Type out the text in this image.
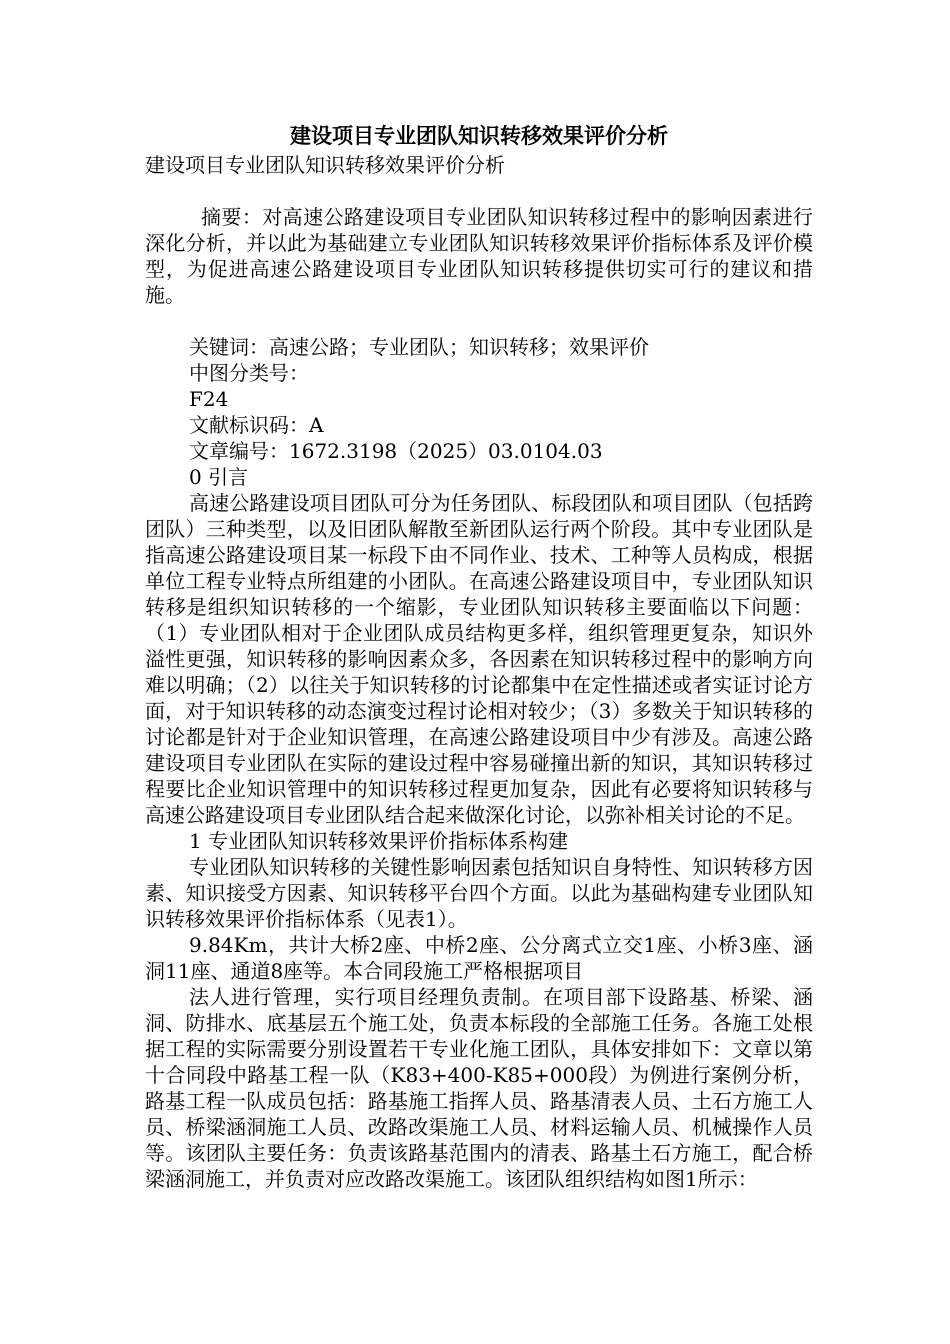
建设项目专业团队知识转移效果评价分析

建设项目专业团队知识转移效果评价分析

摘要：对高速公路建设项目专业团队知识转移过程中的影响因素进行深化分析，并以此为基础建立专业团队知识转移效果评价指标体系及评价模型，为促进高速公路建设项目专业团队知识转移提供切实可行的建议和措施。

关键词：高速公路；专业团队；知识转移；效果评价

中图分类号：

F24

文献标识码：A

文章编号：1672.3198（2025）03.0104.03

0 引言

高速公路建设项目团队可分为任务团队、标段团队和项目团队（包括跨团队）三种类型，以及旧团队解散至新团队运行两个阶段。其中专业团队是指高速公路建设项目某一标段下由不同作业、技术、工种等人员构成，根据单位工程专业特点所组建的小团队。在高速公路建设项目中，专业团队知识转移是组织知识转移的一个缩影，专业团队知识转移主要面临以下问题：（1）专业团队相对于企业团队成员结构更多样，组织管理更复杂，知识外溢性更强，知识转移的影响因素众多，各因素在知识转移过程中的影响方向难以明确；（2）以往关于知识转移的讨论都集中在定性描述或者实证讨论方面，对于知识转移的动态演变过程讨论相对较少；（3）多数关于知识转移的讨论都是针对于企业知识管理，在高速公路建设项目中少有涉及。高速公路建设项目专业团队在实际的建设过程中容易碰撞出新的知识，其知识转移过程要比企业知识管理中的知识转移过程更加复杂，因此有必要将知识转移与高速公路建设项目专业团队结合起来做深化讨论，以弥补相关讨论的不足。

1 专业团队知识转移效果评价指标体系构建

专业团队知识转移的关键性影响因素包括知识自身特性、知识转移方因素、知识接受方因素、知识转移平台四个方面。以此为基础构建专业团队知识转移效果评价指标体系（见表1）。

9.84Km，共计大桥2座、中桥2座、公分离式立交1座、小桥3座、涵洞11座、通道8座等。本合同段施工严格根据项目

法人进行管理，实行项目经理负责制。在项目部下设路基、桥梁、涵洞、防排水、底基层五个施工处，负责本标段的全部施工任务。各施工处根据工程的实际需要分别设置若干专业化施工团队，具体安排如下：文章以第十合同段中路基工程一队（K83+400-K85+000段）为例进行案例分析，路基工程一队成员包括：路基施工指挥人员、路基清表人员、土石方施工人员、桥梁涵洞施工人员、改路改渠施工人员、材料运输人员、机械操作人员等。该团队主要任务：负责该路基范围内的清表、路基土石方施工，配合桥梁涵洞施工，并负责对应改路改渠施工。该团队组织结构如图1所示：
